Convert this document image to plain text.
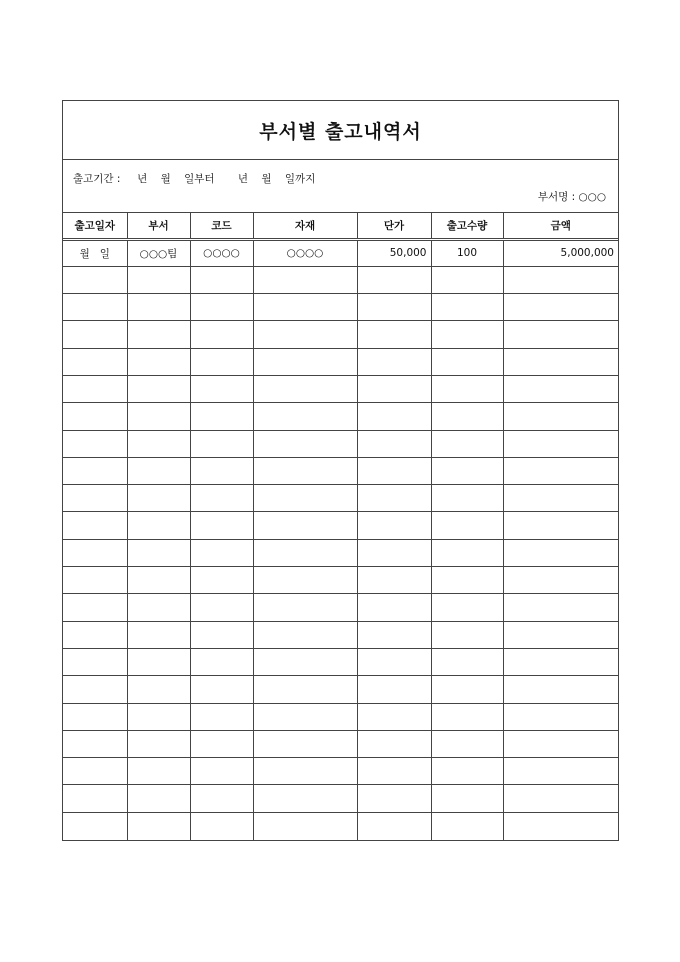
부서별 출고내역서
출고기간 :     년    월    일부터       년    월    일까지
부서명 : ○○○
출고일자	부서	코드	자재	단가	출고수량	금액
월   일	○○○팀	○○○○	○○○○	50,000	100	5,000,000
